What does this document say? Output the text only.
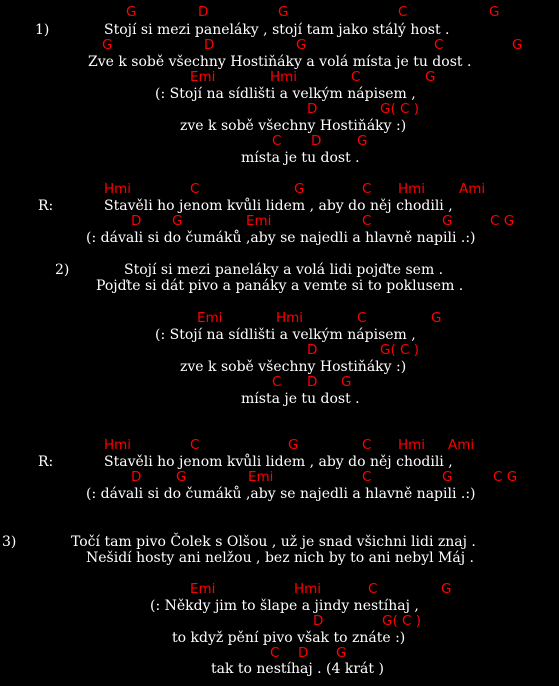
G	D	G	C	G
1)	Stojí si mezi paneláky , stojí tam jako stálý host .
G	D	G	C	G
Zve k sobě všechny Hostiňáky a volá místa je tu dost .
Emi	Hmi	C	G
(: Stojí na sídlišti a velkým nápisem ,
D	G( C )
zve k sobě všechny Hostiňáky :)
C D	G
místa je tu dost .
Hmi	C	G	C Hmi	Ami
R:	Stavěli ho jenom kvůli lidem , aby do něj chodili ,
D G	Emi	C	G	C G
(: dávali si do čumáků ,aby se najedli a hlavně napili .:)
2)	Stojí si mezi paneláky a volá lidi pojďte sem .
Pojďte si dát pivo a panáky a vemte si to poklusem .
Emi	Hmi	C	G
(: Stojí na sídlišti a velkým nápisem ,
D	G( C )
zve k sobě všechny Hostiňáky :)
C D G
místa je tu dost .
Hmi	C	G	C Hmi Ami
R:	Stavěli ho jenom kvůli lidem , aby do něj chodili ,
D	G	Emi	C	G	C G
(: dávali si do čumáků ,aby se najedli a hlavně napili .:)
3)	Točí tam pivo Čolek s Olšou , už je snad všichni lidi znaj .
Nešidí hosty ani nelžou , bez nich by to ani nebyl Máj .
Emi	Hmi	C	G
(: Někdy jim to šlape a jindy nestíhaj ,
D	G( C )
to když pění pivo však to znáte :)
C D G
tak to nestíhaj . (4 krát )
